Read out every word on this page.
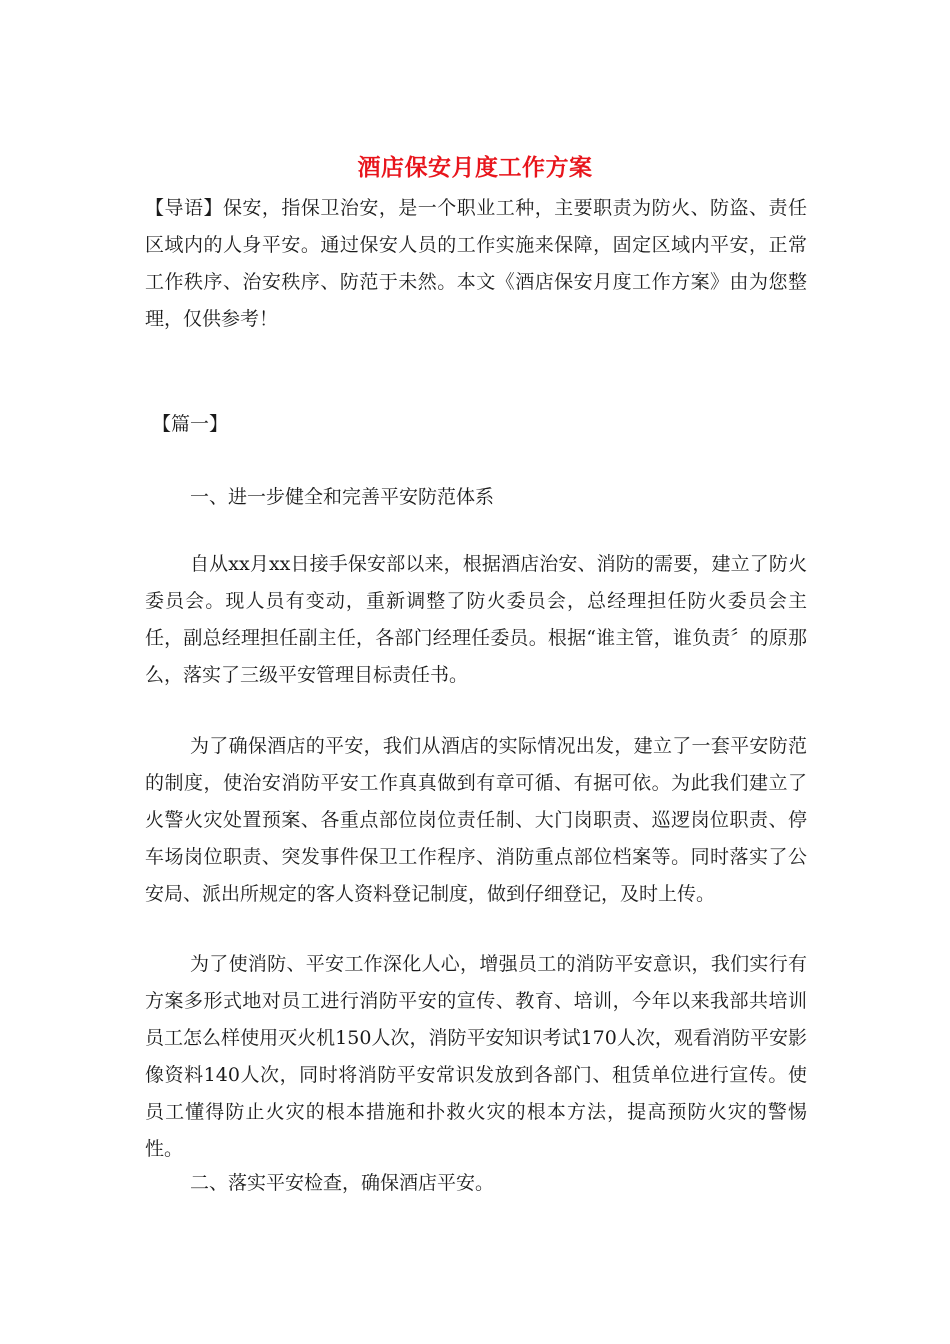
酒店保安月度工作方案

【导语】保安，指保卫治安，是一个职业工种，主要职责为防火、防盗、责任区域内的人身平安。通过保安人员的工作实施来保障，固定区域内平安，正常工作秩序、治安秩序、防范于未然。本文《酒店保安月度工作方案》由为您整理，仅供参考！

【篇一】

一、进一步健全和完善平安防范体系

自从xx月xx日接手保安部以来，根据酒店治安、消防的需要，建立了防火委员会。现人员有变动，重新调整了防火委员会，总经理担任防火委员会主任，副总经理担任副主任，各部门经理任委员。根据“谁主管，谁负责〞的原那么，落实了三级平安管理目标责任书。

为了确保酒店的平安，我们从酒店的实际情况出发，建立了一套平安防范的制度，使治安消防平安工作真真做到有章可循、有据可依。为此我们建立了火警火灾处置预案、各重点部位岗位责任制、大门岗职责、巡逻岗位职责、停车场岗位职责、突发事件保卫工作程序、消防重点部位档案等。同时落实了公安局、派出所规定的客人资料登记制度，做到仔细登记，及时上传。

为了使消防、平安工作深化人心，增强员工的消防平安意识，我们实行有方案多形式地对员工进行消防平安的宣传、教育、培训，今年以来我部共培训员工怎么样使用灭火机150人次，消防平安知识考试170人次，观看消防平安影像资料140人次，同时将消防平安常识发放到各部门、租赁单位进行宣传。使员工懂得防止火灾的根本措施和扑救火灾的根本方法，提高预防火灾的警惕性。

二、落实平安检查，确保酒店平安。
